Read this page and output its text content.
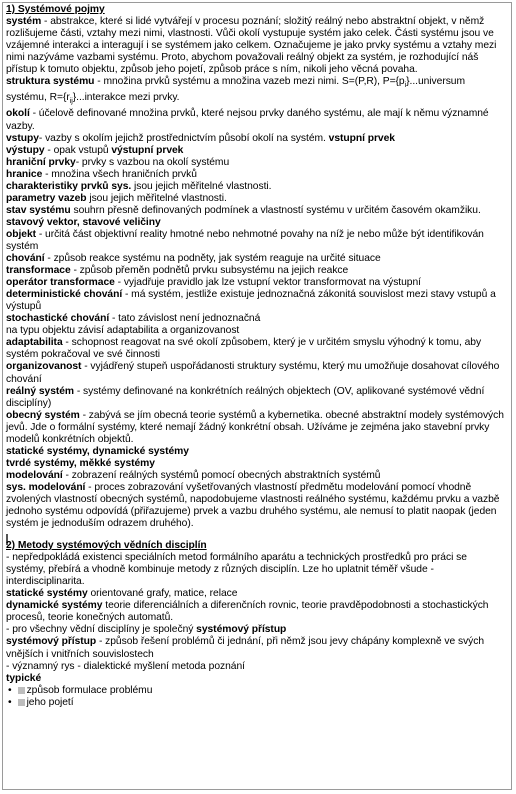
1) Systémové pojmy

systém - abstrakce, které si lidé vytvářejí v procesu poznání; složitý reálný nebo abstraktní objekt, v němž rozlišujeme části, vztahy mezi nimi, vlastnosti. Vůči okolí vystupuje systém jako celek. Části systému jsou ve vzájemné interakci a interagují i se systémem jako celkem. Označujeme je jako prvky systému a vztahy mezi nimi nazýváme vazbami systému. Proto, abychom považovali reálný objekt za systém, je rozhodující náš přístup k tomuto objektu, způsob jeho pojetí, způsob práce s ním, nikoli jeho věcná povaha.

struktura systému - množina prvků systému a množina vazeb mezi nimi. S=(P,R), $P=\{p_i\}...universum$ systému, $R=\{r_{ij}\}...interakce$ mezi prvky.

okolí - účelově definované množina prvků, které nejsou prvky daného systému, ale mají k němu významné vazby.

vstupy- vazby s okolím jejichž prostřednictvím působí okolí na systém. vstupní prvek

výstupy - opak vstupů výstupní prvek

hraniční prvky- prvky s vazbou na okolí systému

hranice - množina všech hraničních prvků

charakteristiky prvků sys. jsou jejich měřitelné vlastnosti.

parametry vazeb jsou jejich měřitelné vlastnosti.

stav systému souhrn přesně definovaných podmínek a vlastností systému v určitém časovém okamžiku.

stavový vektor, stavové veličiny

objekt - určitá část objektivní reality hmotné nebo nehmotné povahy na níž je nebo může být identifikován systém

chování - způsob reakce systému na podněty, jak systém reaguje na určité situace

transformace - způsob přeměn podnětů prvku subsystému na jejich reakce

operátor transformace - vyjadřuje pravidlo jak lze vstupní vektor transformovat na výstupní

deterministické chování - má systém, jestliže existuje jednoznačná zákonitá souvislost mezi stavy vstupů a výstupů

stochastické chování - tato závislost není jednoznačná

na typu objektu závisí adaptabilita a organizovanost

adaptabilita - schopnost reagovat na své okolí způsobem, který je v určitém smyslu výhodný k tomu, aby systém pokračoval ve své činnosti

organizovanost - vyjádřený stupeň uspořádanosti struktury systému, který mu umožňuje dosahovat cílového chování

reálný systém - systémy definované na konkrétních reálných objektech (OV, aplikované systémové vědní disciplíny)

obecný systém - zabývá se jím obecná teorie systémů a kybernetika. obecné abstraktní modely systémových jevů. Jde o formální systémy, které nemají žádný konkrétní obsah. Užíváme je zejména jako stavební prvky modelů konkrétních objektů.

statické systémy, dynamické systémy

tvrdé systémy, měkké systémy

modelování - zobrazení reálných systémů pomocí obecných abstraktních systémů

sys. modelování - proces zobrazování vyšetřovaných vlastností předmětu modelování pomocí vhodně zvolených vlastností obecných systémů, napodobujeme vlastnosti reálného systému, každému prvku a vazbě jednoho systému odpovídá (přiřazujeme) prvek a vazbu druhého systému, ale nemusí to platit naopak (jeden systém je jednoduším odrazem druhého).

2) Metody systémových vědních disciplín

- nepředpokládá existenci speciálních metod formálního aparátu a technických prostředků pro práci se systémy, přebírá a vhodně kombinuje metody z různých disciplín. Lze ho uplatnit téměř všude - interdisciplinarita.

statické systémy orientované grafy, matice, relace

dynamické systémy teorie diferenciálních a diferenčních rovnic, teorie pravděpodobnosti a stochastických procesů, teorie konečných automatů.

- pro všechny vědní disciplíny je společný systémový přístup

systémový přístup - způsob řešení problémů či jednání, při němž jsou jevy chápány komplexně ve svých vnějších i vnitřních souvislostech

- významný rys - dialektické myšlení metoda poznání

typické

• způsob formulace problému

• jeho pojetí
